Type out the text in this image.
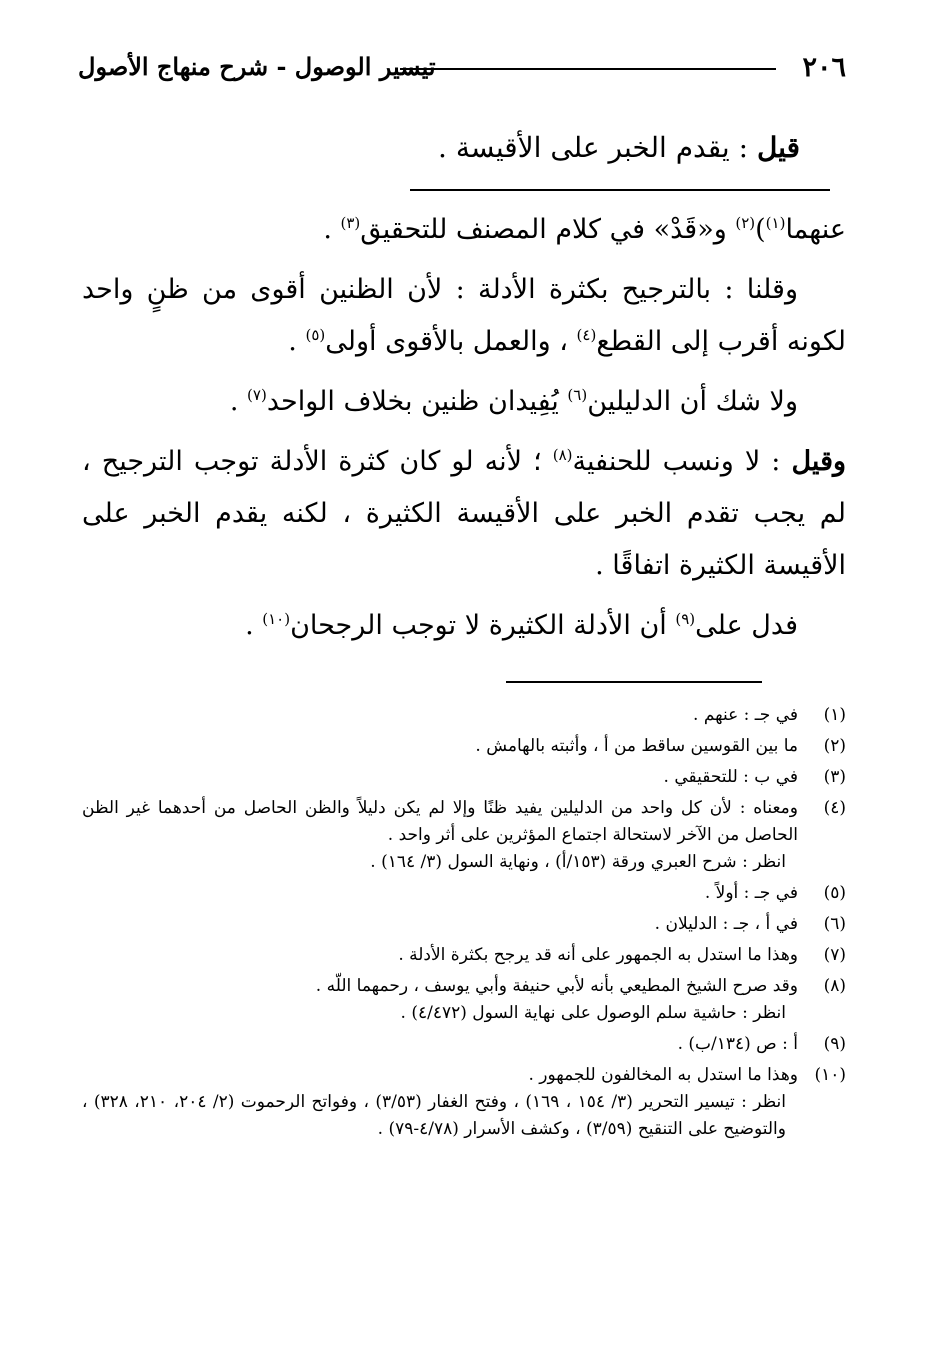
٢٠٦
تيسير الوصول - شرح منهاج الأصول
قيل : يقدم الخبر على الأقيسة .

عنهما$^{(١)}$)$^{(٢)}$ و«قَدْ» في كلام المصنف للتحقيق$^{(٣)}$ .

وقلنا : بالترجيح بكثرة الأدلة : لأن الظنين أقوى من ظنٍ واحد لكونه أقرب إلى القطع$^{(٤)}$ ، والعمل بالأقوى أولى$^{(٥)}$ .

ولا شك أن الدليلين$^{(٦)}$ يُفِيدان ظنين بخلاف الواحد$^{(٧)}$ .

وقيل : لا ونسب للحنفية$^{(٨)}$ ؛ لأنه لو كان كثرة الأدلة توجب الترجيح ، لم يجب تقدم الخبر على الأقيسة الكثيرة ، لكنه يقدم الخبر على الأقيسة الكثيرة اتفاقًا .

فدل على$^{(٩)}$ أن الأدلة الكثيرة لا توجب الرجحان$^{(١٠)}$ .

(١)
في جـ : عنهم .
(٢)
ما بين القوسين ساقط من أ ، وأثبته بالهامش .
(٣)
في ب : للتحقيقي .
(٤)
ومعناه : لأن كل واحد من الدليلين يفيد ظنًا وإلا لم يكن دليلاً والظن الحاصل من أحدهما غير الظن الحاصل من الآخر لاستحالة اجتماع المؤثرين على أثر واحد .
انظر : شرح العبري ورقة (١٥٣/أ) ، ونهاية السول (٣/ ١٦٤) .
(٥)
في جـ : أولاً .
(٦)
في أ ، جـ : الدليلان .
(٧)
وهذا ما استدل به الجمهور على أنه قد يرجح بكثرة الأدلة .
(٨)
وقد صرح الشيخ المطيعي بأنه لأبي حنيفة وأبي يوسف ، رحمهما اللّه .
انظر : حاشية سلم الوصول على نهاية السول (٤/٤٧٢) .
(٩)
أ : ص (١٣٤/ب) .
(١٠)
وهذا ما استدل به المخالفون للجمهور .
انظر : تيسير التحرير (٣/ ١٥٤ ، ١٦٩) ، وفتح الغفار (٣/٥٣) ، وفواتح الرحموت (٢/ ٢٠٤، ٢١٠، ٣٢٨) ، والتوضيح على التنقيح (٣/٥٩) ، وكشف الأسرار (٤/٧٨-٧٩) .
